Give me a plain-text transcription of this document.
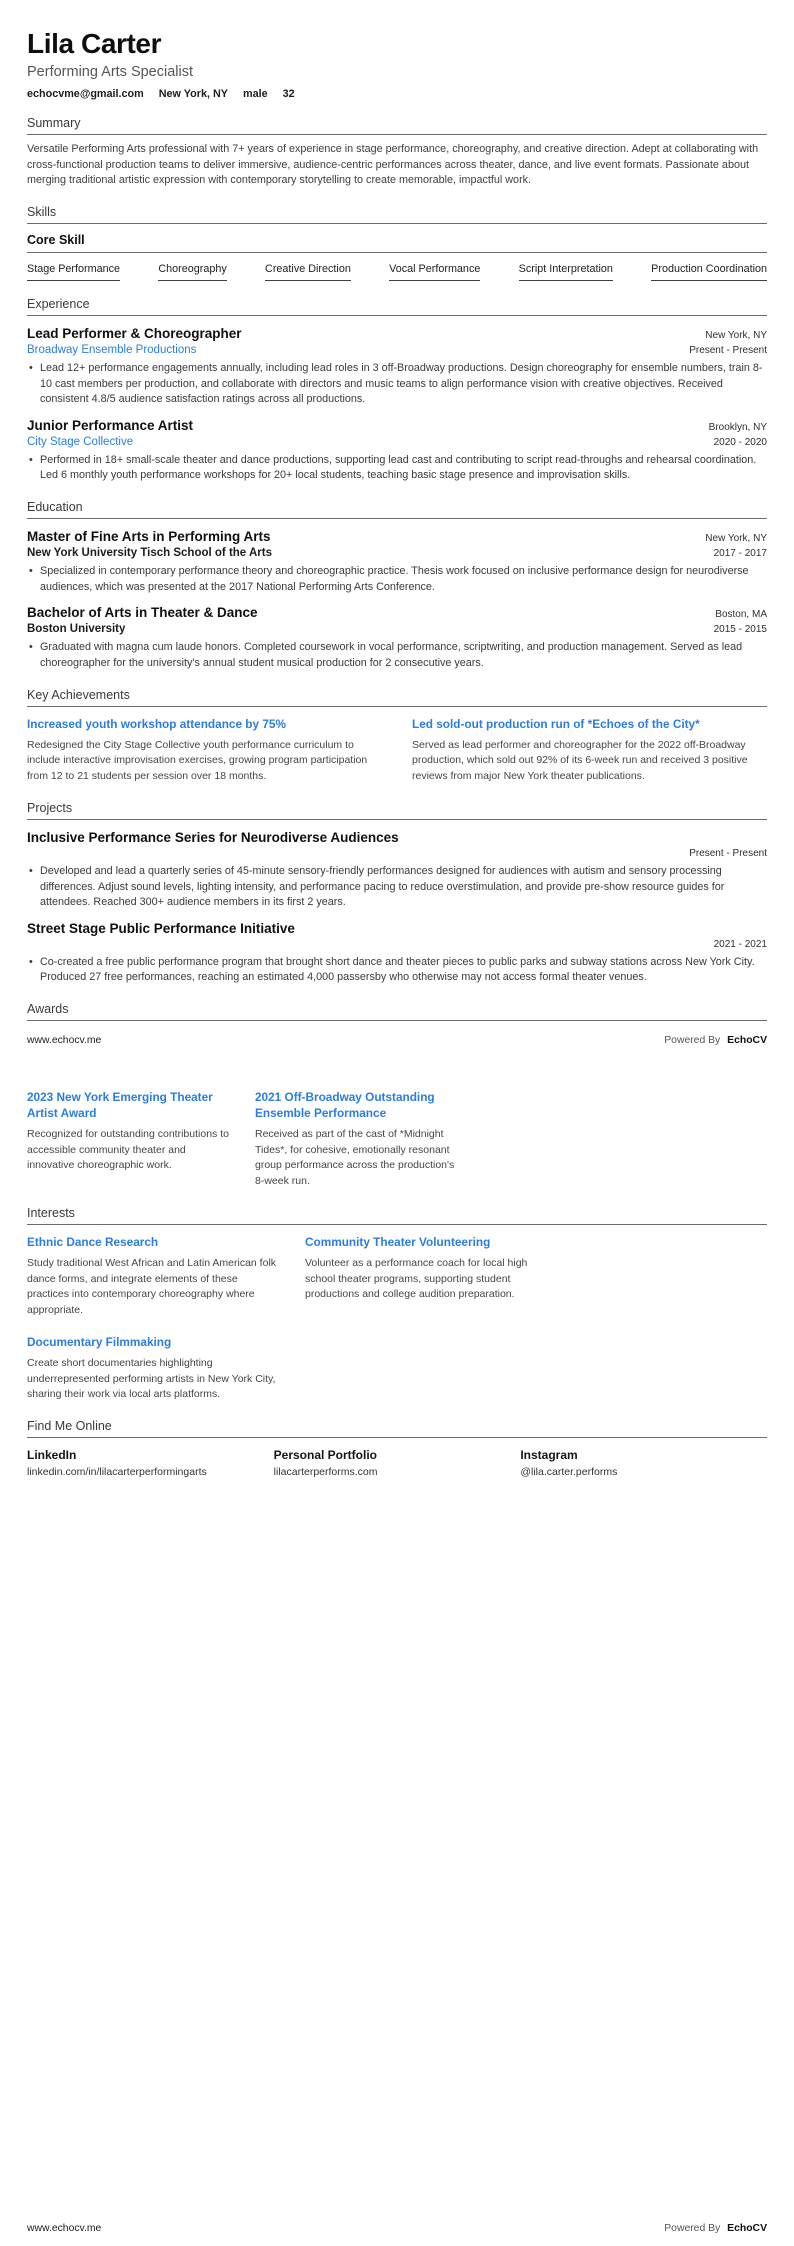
Lila Carter
Performing Arts Specialist
echocvme@gmail.com New York, NY male 32
Summary
Versatile Performing Arts professional with 7+ years of experience in stage performance, choreography, and creative direction. Adept at collaborating with cross-functional production teams to deliver immersive, audience-centric performances across theater, dance, and live event formats. Passionate about merging traditional artistic expression with contemporary storytelling to create memorable, impactful work.
Skills
Core Skill
Stage Performance	Choreography	Creative Direction	Vocal Performance	Script Interpretation	Production Coordination
Experience
Lead Performer & Choreographer	New York, NY
Broadway Ensemble Productions	Present - Present
• Lead 12+ performance engagements annually, including lead roles in 3 off-Broadway productions. Design choreography for ensemble numbers, train 8-10 cast members per production, and collaborate with directors and music teams to align performance vision with creative objectives. Received consistent 4.8/5 audience satisfaction ratings across all productions.
Junior Performance Artist	Brooklyn, NY
City Stage Collective	2020 - 2020
• Performed in 18+ small-scale theater and dance productions, supporting lead cast and contributing to script read-throughs and rehearsal coordination. Led 6 monthly youth performance workshops for 20+ local students, teaching basic stage presence and improvisation skills.
Education
Master of Fine Arts in Performing Arts	New York, NY
New York University Tisch School of the Arts	2017 - 2017
• Specialized in contemporary performance theory and choreographic practice. Thesis work focused on inclusive performance design for neurodiverse audiences, which was presented at the 2017 National Performing Arts Conference.
Bachelor of Arts in Theater & Dance	Boston, MA
Boston University	2015 - 2015
• Graduated with magna cum laude honors. Completed coursework in vocal performance, scriptwriting, and production management. Served as lead choreographer for the university's annual student musical production for 2 consecutive years.
Key Achievements
Increased youth workshop attendance by 75%
Redesigned the City Stage Collective youth performance curriculum to include interactive improvisation exercises, growing program participation from 12 to 21 students per session over 18 months.
Led sold-out production run of *Echoes of the City*
Served as lead performer and choreographer for the 2022 off-Broadway production, which sold out 92% of its 6-week run and received 3 positive reviews from major New York theater publications.
Projects
Inclusive Performance Series for Neurodiverse Audiences
Present - Present
• Developed and lead a quarterly series of 45-minute sensory-friendly performances designed for audiences with autism and sensory processing differences. Adjust sound levels, lighting intensity, and performance pacing to reduce overstimulation, and provide pre-show resource guides for attendees. Reached 300+ audience members in its first 2 years.
Street Stage Public Performance Initiative
2021 - 2021
• Co-created a free public performance program that brought short dance and theater pieces to public parks and subway stations across New York City. Produced 27 free performances, reaching an estimated 4,000 passersby who otherwise may not access formal theater venues.
Awards
www.echocv.me	Powered By EchoCV
2023 New York Emerging Theater Artist Award
Recognized for outstanding contributions to accessible community theater and innovative choreographic work.
2021 Off-Broadway Outstanding Ensemble Performance
Received as part of the cast of *Midnight Tides*, for cohesive, emotionally resonant group performance across the production's 8-week run.
Interests
Ethnic Dance Research
Study traditional West African and Latin American folk dance forms, and integrate elements of these practices into contemporary choreography where appropriate.
Community Theater Volunteering
Volunteer as a performance coach for local high school theater programs, supporting student productions and college audition preparation.
Documentary Filmmaking
Create short documentaries highlighting underrepresented performing artists in New York City, sharing their work via local arts platforms.
Find Me Online
LinkedIn
linkedin.com/in/lilacarterperformingarts
Personal Portfolio
lilacarterperforms.com
Instagram
@lila.carter.performs
www.echocv.me	Powered By EchoCV
